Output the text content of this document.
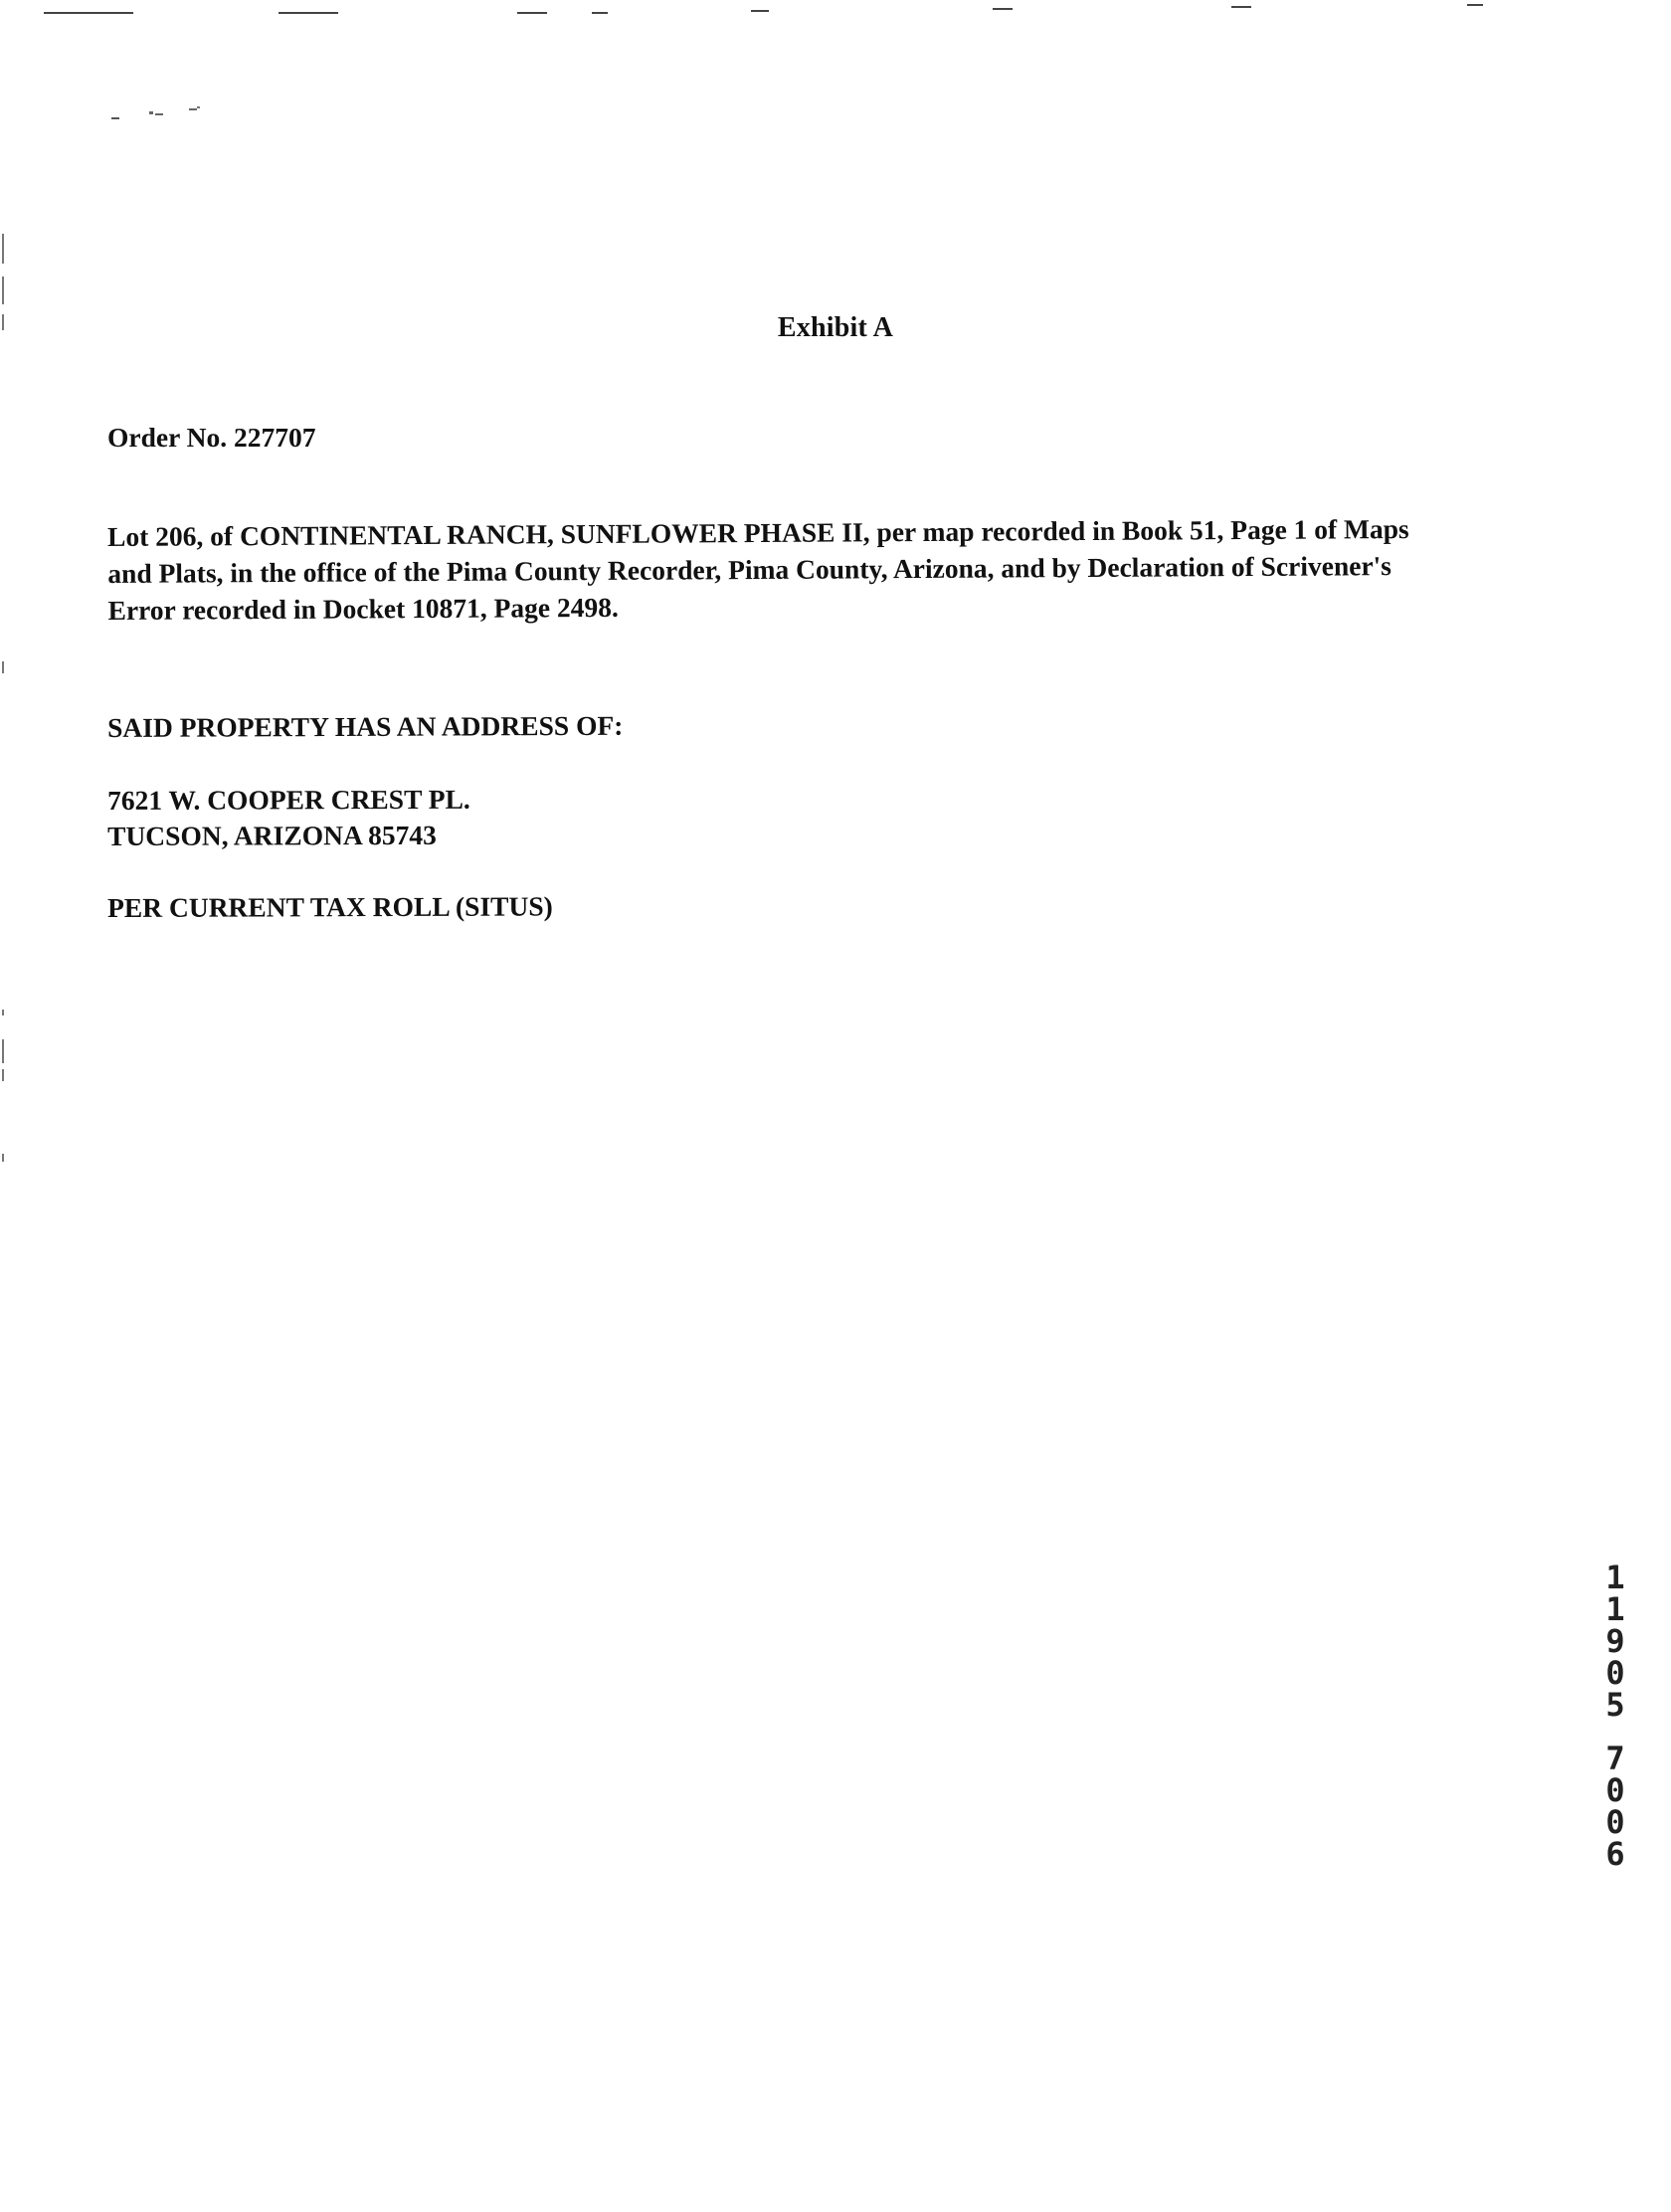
Exhibit A
Order No. 227707
Lot 206, of CONTINENTAL RANCH, SUNFLOWER PHASE II, per map recorded in Book 51, Page 1 of Maps
and Plats, in the office of the Pima County Recorder, Pima County, Arizona, and by Declaration of Scrivener's
Error recorded in Docket 10871, Page 2498.
SAID PROPERTY HAS AN ADDRESS OF:
7621 W. COOPER CREST PL.
TUCSON, ARIZONA 85743
PER CURRENT TAX ROLL (SITUS)
1
1
9
0
5
7
0
0
6
